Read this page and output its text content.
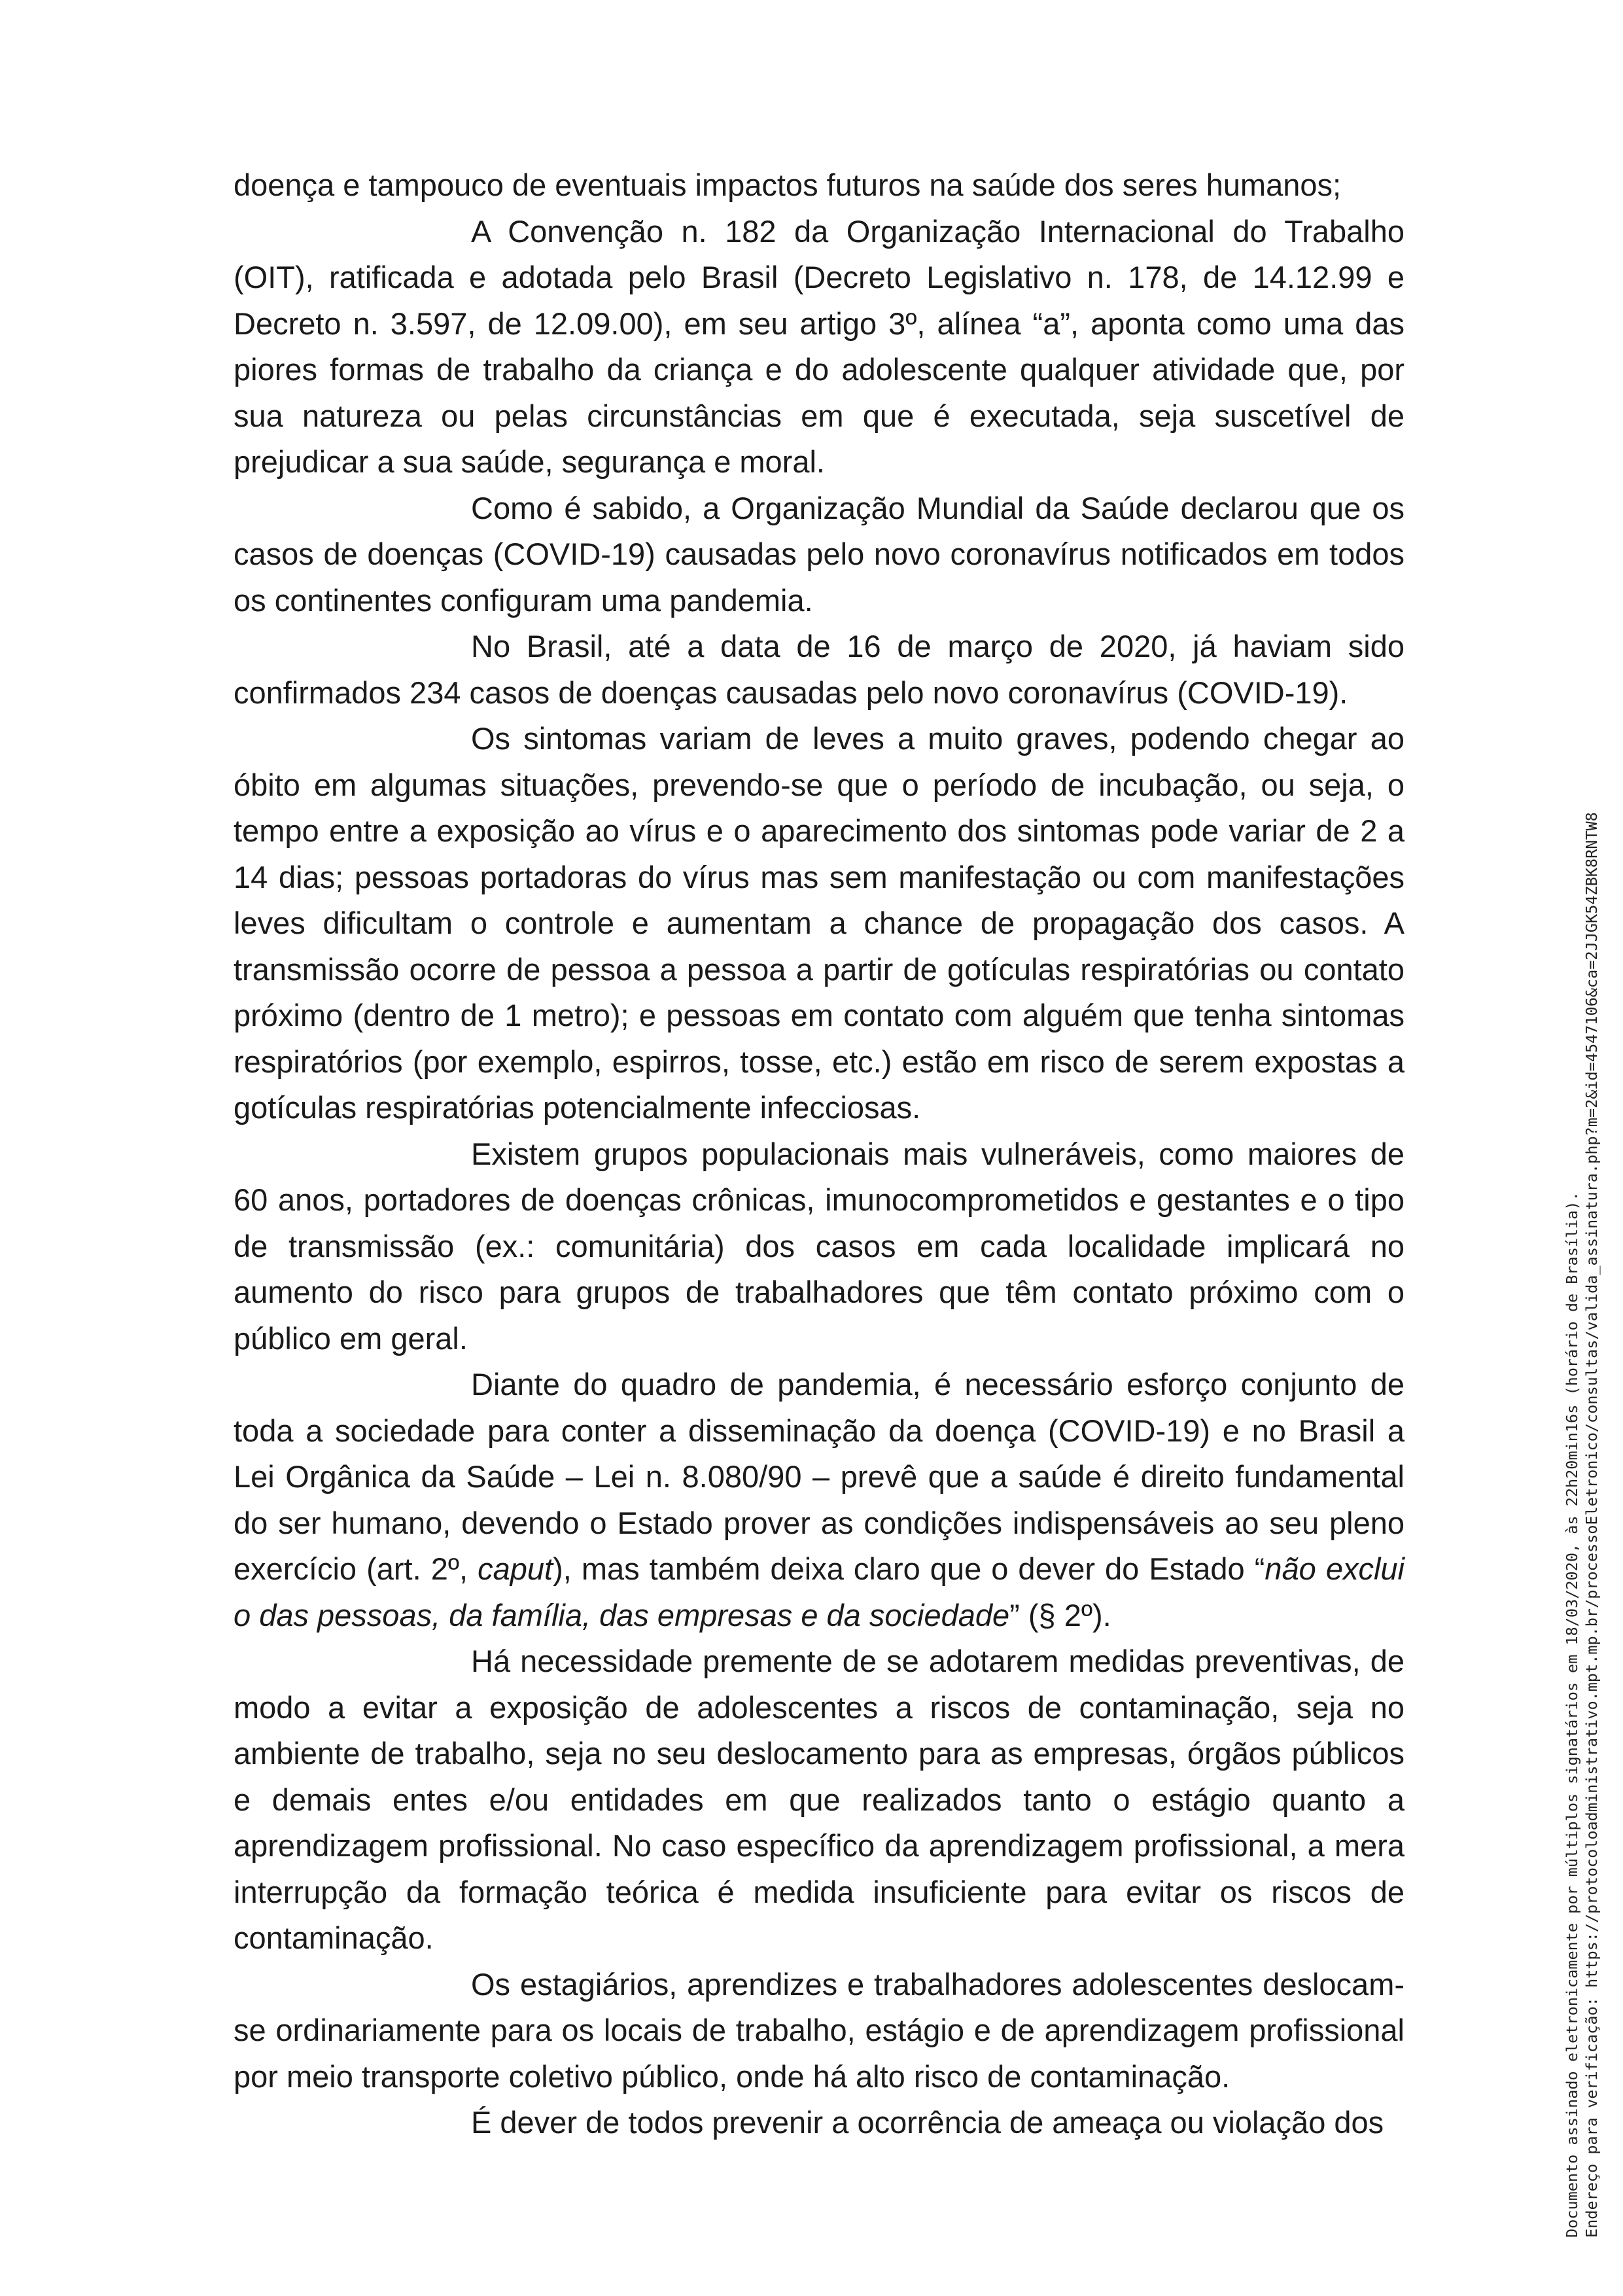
doença e tampouco de eventuais impactos futuros na saúde dos seres humanos;

A Convenção n. 182 da Organização Internacional do Trabalho (OIT), ratificada e adotada pelo Brasil (Decreto Legislativo n. 178, de 14.12.99 e Decreto n. 3.597, de 12.09.00), em seu artigo 3º, alínea “a”, aponta como uma das piores formas de trabalho da criança e do adolescente qualquer atividade que, por sua natureza ou pelas circunstâncias em que é executada, seja suscetível de prejudicar a sua saúde, segurança e moral.

Como é sabido, a Organização Mundial da Saúde declarou que os casos de doenças (COVID-19) causadas pelo novo coronavírus notificados em todos os continentes configuram uma pandemia.

No Brasil, até a data de 16 de março de 2020, já haviam sido confirmados 234 casos de doenças causadas pelo novo coronavírus (COVID-19).

Os sintomas variam de leves a muito graves, podendo chegar ao óbito em algumas situações, prevendo-se que o período de incubação, ou seja, o tempo entre a exposição ao vírus e o aparecimento dos sintomas pode variar de 2 a 14 dias; pessoas portadoras do vírus mas sem manifestação ou com manifestações leves dificultam o controle e aumentam a chance de propagação dos casos. A transmissão ocorre de pessoa a pessoa a partir de gotículas respiratórias ou contato próximo (dentro de 1 metro); e pessoas em contato com alguém que tenha sintomas respiratórios (por exemplo, espirros, tosse, etc.) estão em risco de serem expostas a gotículas respiratórias potencialmente infecciosas.

Existem grupos populacionais mais vulneráveis, como maiores de 60 anos, portadores de doenças crônicas, imunocomprometidos e gestantes e o tipo de transmissão (ex.: comunitária) dos casos em cada localidade implicará no aumento do risco para grupos de trabalhadores que têm contato próximo com o público em geral.

Diante do quadro de pandemia, é necessário esforço conjunto de toda a sociedade para conter a disseminação da doença (COVID-19) e no Brasil a Lei Orgânica da Saúde – Lei n. 8.080/90 – prevê que a saúde é direito fundamental do ser humano, devendo o Estado prover as condições indispensáveis ao seu pleno exercício (art. 2º, caput), mas também deixa claro que o dever do Estado “não exclui o das pessoas, da família, das empresas e da sociedade” (§ 2º).

Há necessidade premente de se adotarem medidas preventivas, de modo a evitar a exposição de adolescentes a riscos de contaminação, seja no ambiente de trabalho, seja no seu deslocamento para as empresas, órgãos públicos e demais entes e/ou entidades em que realizados tanto o estágio quanto a aprendizagem profissional. No caso específico da aprendizagem profissional, a mera interrupção da formação teórica é medida insuficiente para evitar os riscos de contaminação.

Os estagiários, aprendizes e trabalhadores adolescentes deslocam-se ordinariamente para os locais de trabalho, estágio e de aprendizagem profissional por meio transporte coletivo público, onde há alto risco de contaminação.

É dever de todos prevenir a ocorrência de ameaça ou violação dos	Documento assinado eletronicamente por múltiplos signatários em 18/03/2020, às 22h20min16s (horário de Brasília). Endereço para verificação: https://protocoloadministrativo.mpt.mp.br/processoEletronico/consultas/valida_assinatura.php?m=2&id=4547106&ca=2JJGK54ZBK8RNTW8
